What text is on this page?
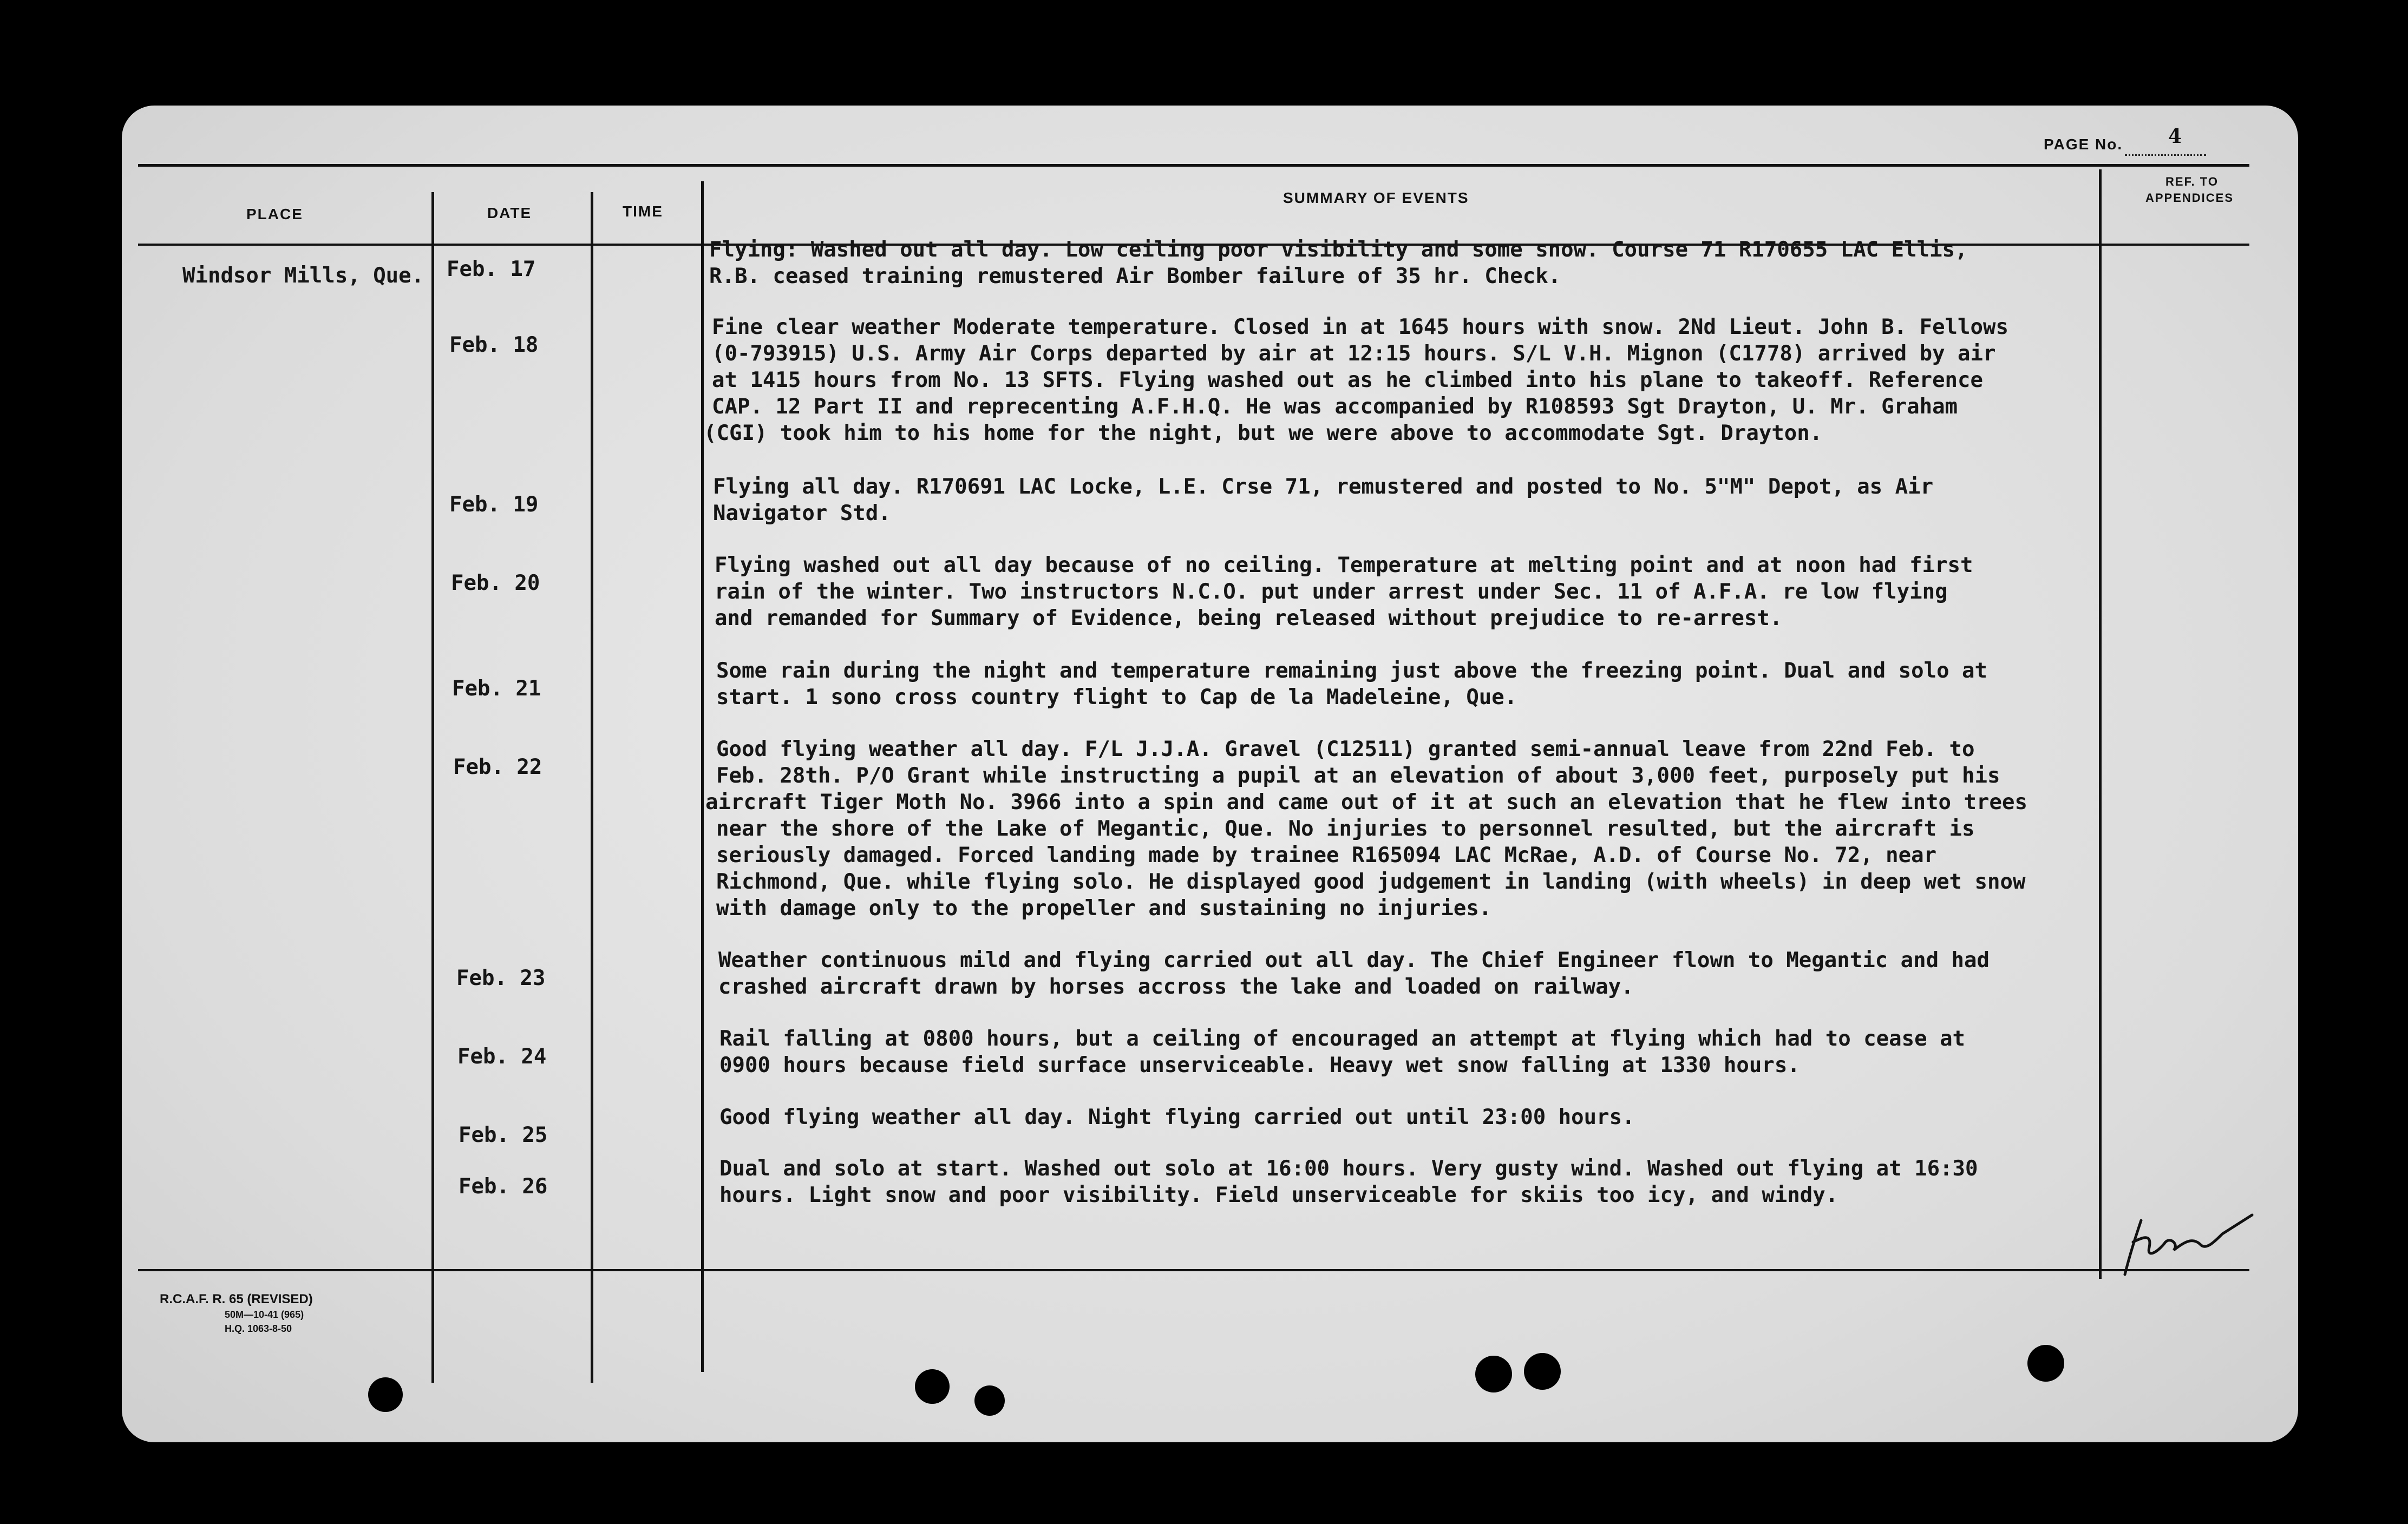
PAGE No. 4
PLACE	DATE	TIME
SUMMARY OF EVENTS
REF. TO
APPENDICES
Windsor Mills, Que. Feb. 17
Feb. 18
Feb. 19
Feb. 20
Feb. 21
Feb. 22
Feb. 23
Feb. 24
Feb. 25
Feb. 26
Flying: Washed out all day. Low ceiling poor visibility and some snow. Course 71 R170655 LAC Ellis,
R.B. ceased training remustered Air Bomber failure of 35 hr. Check.
Fine clear weather Moderate temperature. Closed in at 1645 hours with snow. 2Nd Lieut. John B. Fellows
(0-793915) U.S. Army Air Corps departed by air at 12:15 hours. S/L V.H. Mignon (C1778) arrived by air
at 1415 hours from No. 13 SFTS. Flying washed out as he climbed into his plane to takeoff. Reference
CAP. 12 Part II and reprecenting A.F.H.Q. He was accompanied by R108593 Sgt Drayton, U. Mr. Graham
(CGI) took him to his home for the night, but we were above to accommodate Sgt. Drayton.
Flying all day. R170691 LAC Locke, L.E. Crse 71, remustered and posted to No. 5"M" Depot, as Air
Navigator Std.
Flying washed out all day because of no ceiling. Temperature at melting point and at noon had first
rain of the winter. Two instructors N.C.O. put under arrest under Sec. 11 of A.F.A. re low flying
and remanded for Summary of Evidence, being released without prejudice to re-arrest.
Some rain during the night and temperature remaining just above the freezing point. Dual and solo at
start. 1 sono cross country flight to Cap de la Madeleine, Que.
Good flying weather all day. F/L J.J.A. Gravel (C12511) granted semi-annual leave from 22nd Feb. to
Feb. 28th. P/O Grant while instructing a pupil at an elevation of about 3,000 feet, purposely put his
aircraft Tiger Moth No. 3966 into a spin and came out of it at such an elevation that he flew into trees
near the shore of the Lake of Megantic, Que. No injuries to personnel resulted, but the aircraft is
seriously damaged. Forced landing made by trainee R165094 LAC McRae, A.D. of Course No. 72, near
Richmond, Que. while flying solo. He displayed good judgement in landing (with wheels) in deep wet snow
with damage only to the propeller and sustaining no injuries.
Weather continuous mild and flying carried out all day. The Chief Engineer flown to Megantic and had
crashed aircraft drawn by horses accross the lake and loaded on railway.
Rail falling at 0800 hours, but a ceiling of encouraged an attempt at flying which had to cease at
0900 hours because field surface unserviceable. Heavy wet snow falling at 1330 hours.
Good flying weather all day. Night flying carried out until 23:00 hours.
Dual and solo at start. Washed out solo at 16:00 hours. Very gusty wind. Washed out flying at 16:30
hours. Light snow and poor visibility. Field unserviceable for skiis too icy, and windy.
R.C.A.F. R. 65 (REVISED)
50M—10-41 (965)
H.Q. 1063-8-50
